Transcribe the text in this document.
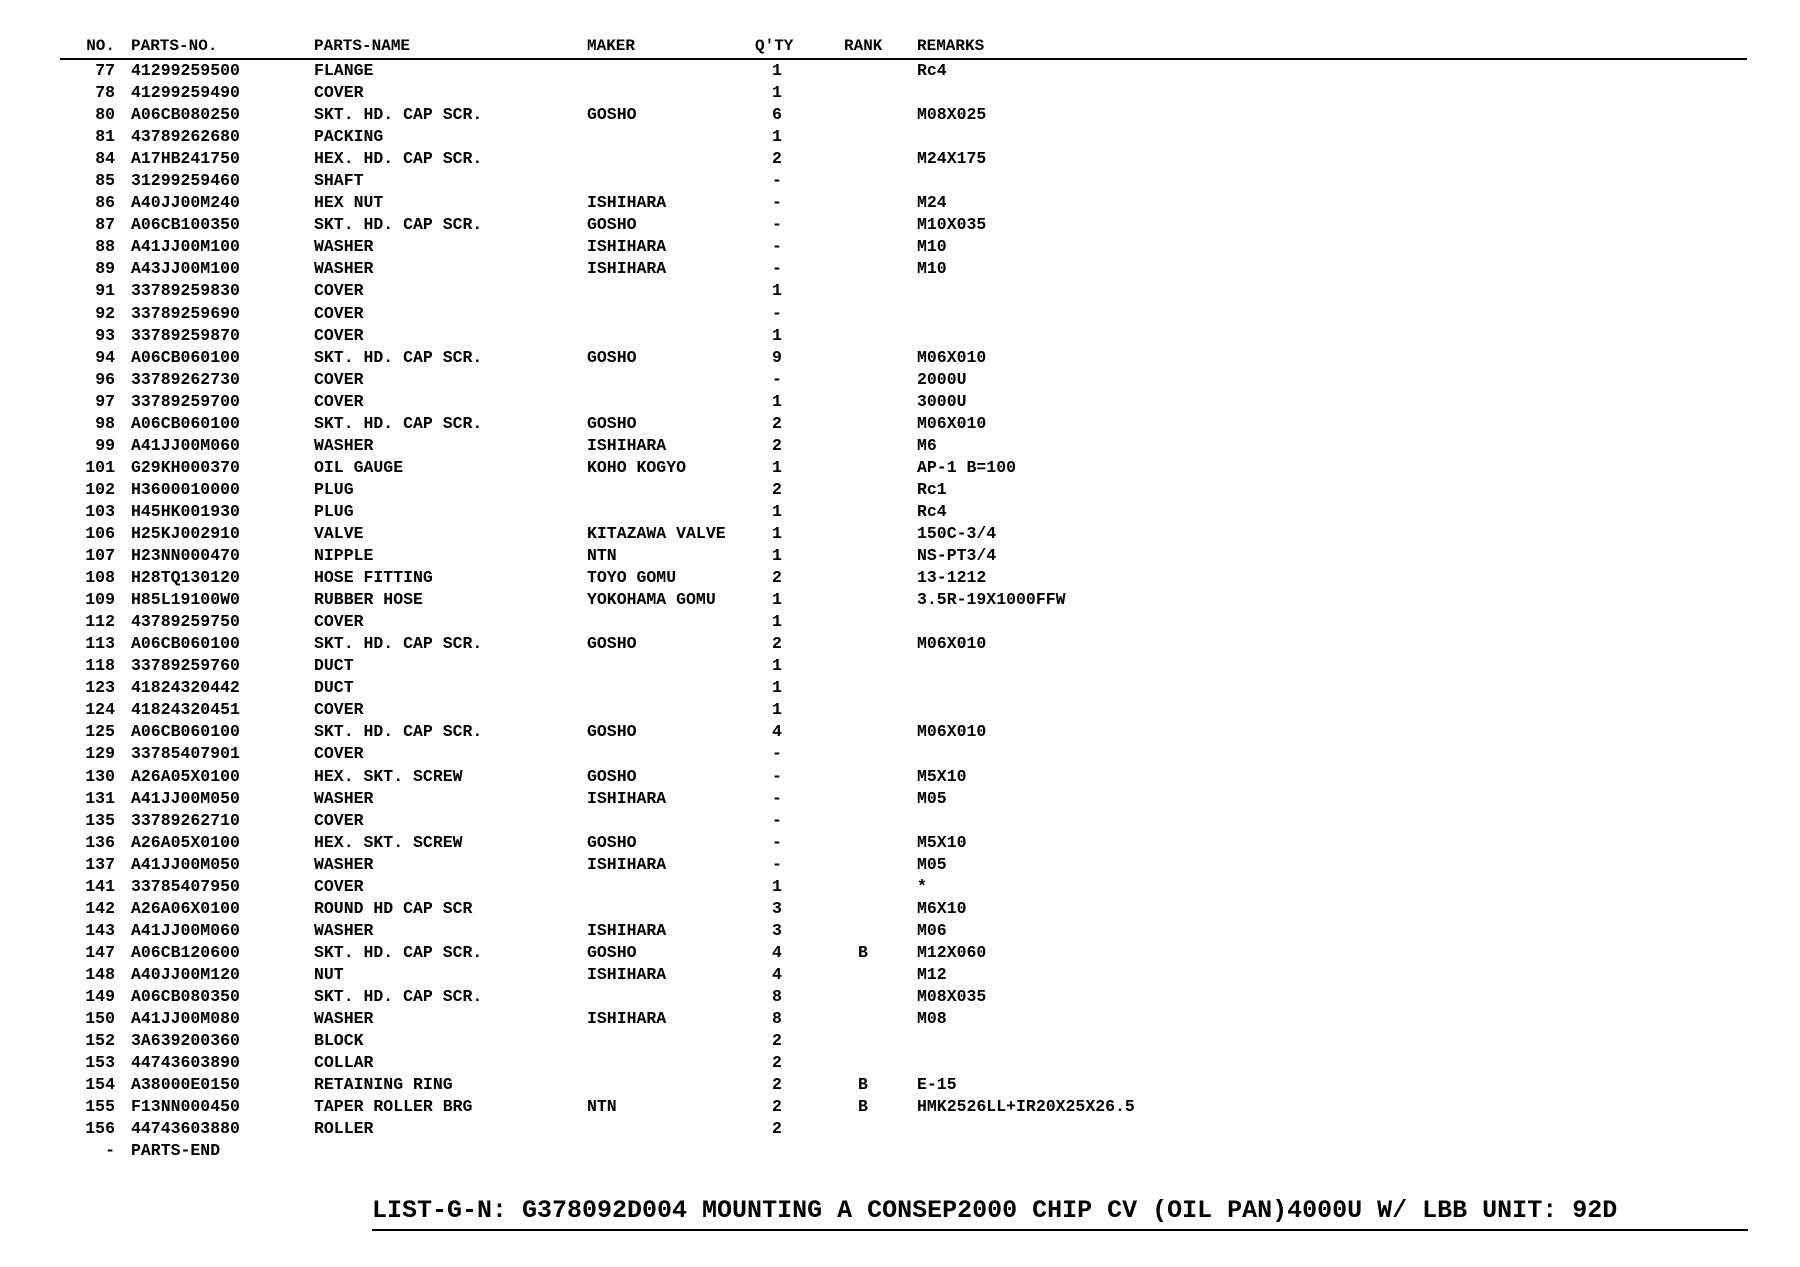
NO.	PARTS-NO.	PARTS-NAME	MAKER	Q'TY	RANK	REMARKS
77	41299259500	FLANGE		1		Rc4
78	41299259490	COVER		1		
80	A06CB080250	SKT. HD. CAP SCR.	GOSHO	6		M08X025
81	43789262680	PACKING		1		
84	A17HB241750	HEX. HD. CAP SCR.		2		M24X175
85	31299259460	SHAFT		-		
86	A40JJ00M240	HEX NUT	ISHIHARA	-		M24
87	A06CB100350	SKT. HD. CAP SCR.	GOSHO	-		M10X035
88	A41JJ00M100	WASHER	ISHIHARA	-		M10
89	A43JJ00M100	WASHER	ISHIHARA	-		M10
91	33789259830	COVER		1		
92	33789259690	COVER		-		
93	33789259870	COVER		1		
94	A06CB060100	SKT. HD. CAP SCR.	GOSHO	9		M06X010
96	33789262730	COVER		-		2000U
97	33789259700	COVER		1		3000U
98	A06CB060100	SKT. HD. CAP SCR.	GOSHO	2		M06X010
99	A41JJ00M060	WASHER	ISHIHARA	2		M6
101	G29KH000370	OIL GAUGE	KOHO KOGYO	1		AP-1 B=100
102	H3600010000	PLUG		2		Rc1
103	H45HK001930	PLUG		1		Rc4
106	H25KJ002910	VALVE	KITAZAWA VALVE	1		150C-3/4
107	H23NN000470	NIPPLE	NTN	1		NS-PT3/4
108	H28TQ130120	HOSE FITTING	TOYO GOMU	2		13-1212
109	H85L19100W0	RUBBER HOSE	YOKOHAMA GOMU	1		3.5R-19X1000FFW
112	43789259750	COVER		1		
113	A06CB060100	SKT. HD. CAP SCR.	GOSHO	2		M06X010
118	33789259760	DUCT		1		
123	41824320442	DUCT		1		
124	41824320451	COVER		1		
125	A06CB060100	SKT. HD. CAP SCR.	GOSHO	4		M06X010
129	33785407901	COVER		-		
130	A26A05X0100	HEX. SKT. SCREW	GOSHO	-		M5X10
131	A41JJ00M050	WASHER	ISHIHARA	-		M05
135	33789262710	COVER		-		
136	A26A05X0100	HEX. SKT. SCREW	GOSHO	-		M5X10
137	A41JJ00M050	WASHER	ISHIHARA	-		M05
141	33785407950	COVER		1		*
142	A26A06X0100	ROUND HD CAP SCR		3		M6X10
143	A41JJ00M060	WASHER	ISHIHARA	3		M06
147	A06CB120600	SKT. HD. CAP SCR.	GOSHO	4	B	M12X060
148	A40JJ00M120	NUT	ISHIHARA	4		M12
149	A06CB080350	SKT. HD. CAP SCR.		8		M08X035
150	A41JJ00M080	WASHER	ISHIHARA	8		M08
152	3A639200360	BLOCK		2		
153	44743603890	COLLAR		2		
154	A38000E0150	RETAINING RING		2	B	E-15
155	F13NN000450	TAPER ROLLER BRG	NTN	2	B	HMK2526LL+IR20X25X26.5
156	44743603880	ROLLER		2		
-	PARTS-END					
LIST-G-N: G378092D004 MOUNTING A CONSEP2000 CHIP CV (OIL PAN)4000U W/ LBB UNIT: 92D
